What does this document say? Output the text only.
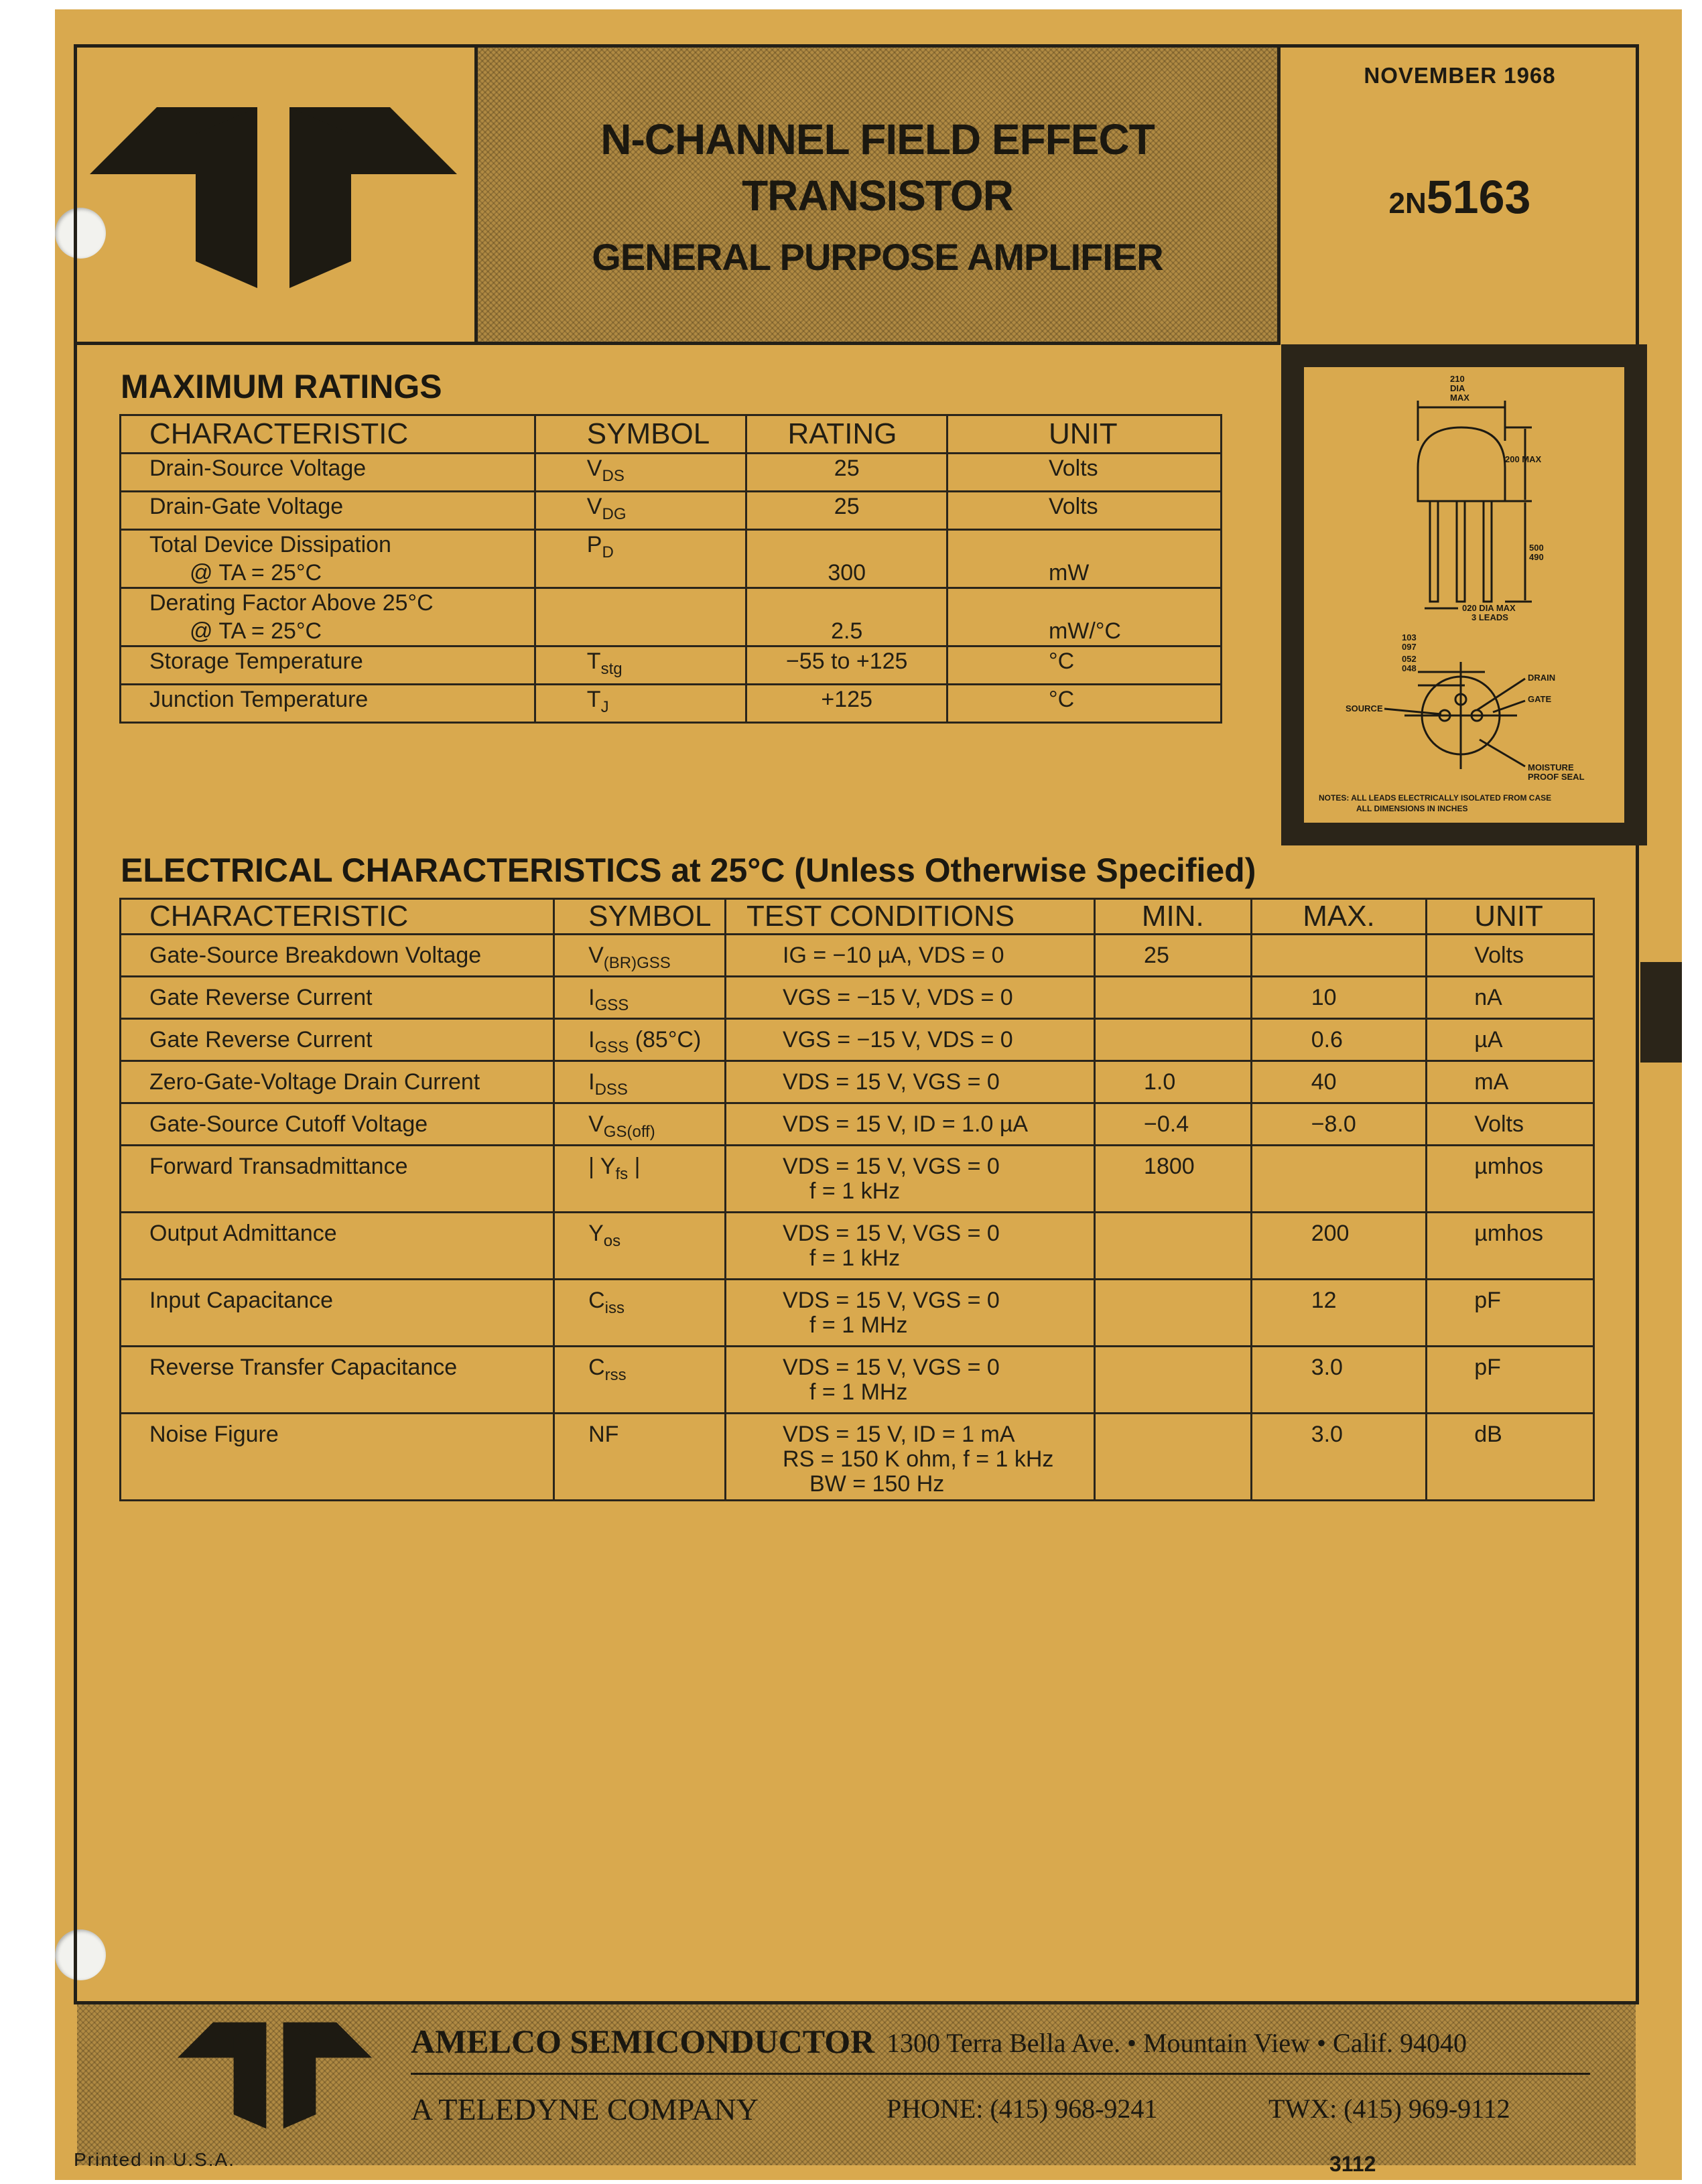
N-CHANNEL FIELD EFFECT
TRANSISTOR
GENERAL PURPOSE AMPLIFIER
NOVEMBER 1968
2N5163
210
DIA
MAX
200 MAX
500
490
020 DIA MAX
3 LEADS
103
097
052
048
DRAIN
GATE
SOURCE
MOISTURE
PROOF SEAL
NOTES: ALL LEADS ELECTRICALLY ISOLATED FROM CASE
ALL DIMENSIONS IN INCHES
MAXIMUM RATINGS
CHARACTERISTIC	SYMBOL	RATING	UNIT

Drain-Source Voltage	$V_{DS}$	25	Volts

Drain-Gate Voltage	$V_{DG}$	25	Volts

Total Device Dissipation
@ TA = 25°C	$P_D$	300	mW

Derating Factor Above 25°C
@ TA = 25°C		2.5	mW/°C

Storage Temperature	$T_{stg}$	−55 to +125	°C

Junction Temperature	$T_J$	+125	°C
ELECTRICAL CHARACTERISTICS at 25°C (Unless Otherwise Specified)
CHARACTERISTIC	SYMBOL	TEST CONDITIONS	MIN.	MAX.	UNIT
Gate-Source Breakdown Voltage	$V_{(BR)GSS}$	IG = −10 µA, VDS = 0	25		Volts
Gate Reverse Current	$I_{GSS}$	VGS = −15 V, VDS = 0		10	nA
Gate Reverse Current	$I_{GSS}$ (85°C)	VGS = −15 V, VDS = 0		0.6	µA
Zero-Gate-Voltage Drain Current	$I_{DSS}$	VDS = 15 V, VGS = 0	1.0	40	mA
Gate-Source Cutoff Voltage	$V_{GS(off)}$	VDS = 15 V, ID = 1.0 µA	−0.4	−8.0	Volts
Forward Transadmittance	| $Y_{fs}$ |	VDS = 15 V, VGS = 0
f = 1 kHz	1800		µmhos
Output Admittance	$Y_{os}$	VDS = 15 V, VGS = 0
f = 1 kHz		200	µmhos
Input Capacitance	$C_{iss}$	VDS = 15 V, VGS = 0
f = 1 MHz		12	pF
Reverse Transfer Capacitance	$C_{rss}$	VDS = 15 V, VGS = 0
f = 1 MHz		3.0	pF
Noise Figure	NF	VDS = 15 V, ID = 1 mA
RS = 150 K ohm, f = 1 kHz
BW = 150 Hz		3.0	dB
AMELCO SEMICONDUCTOR 1300 Terra Bella Ave. • Mountain View • Calif. 94040
A TELEDYNE COMPANY	PHONE: (415) 968-9241	TWX: (415) 969-9112
Printed in U.S.A.	3112
